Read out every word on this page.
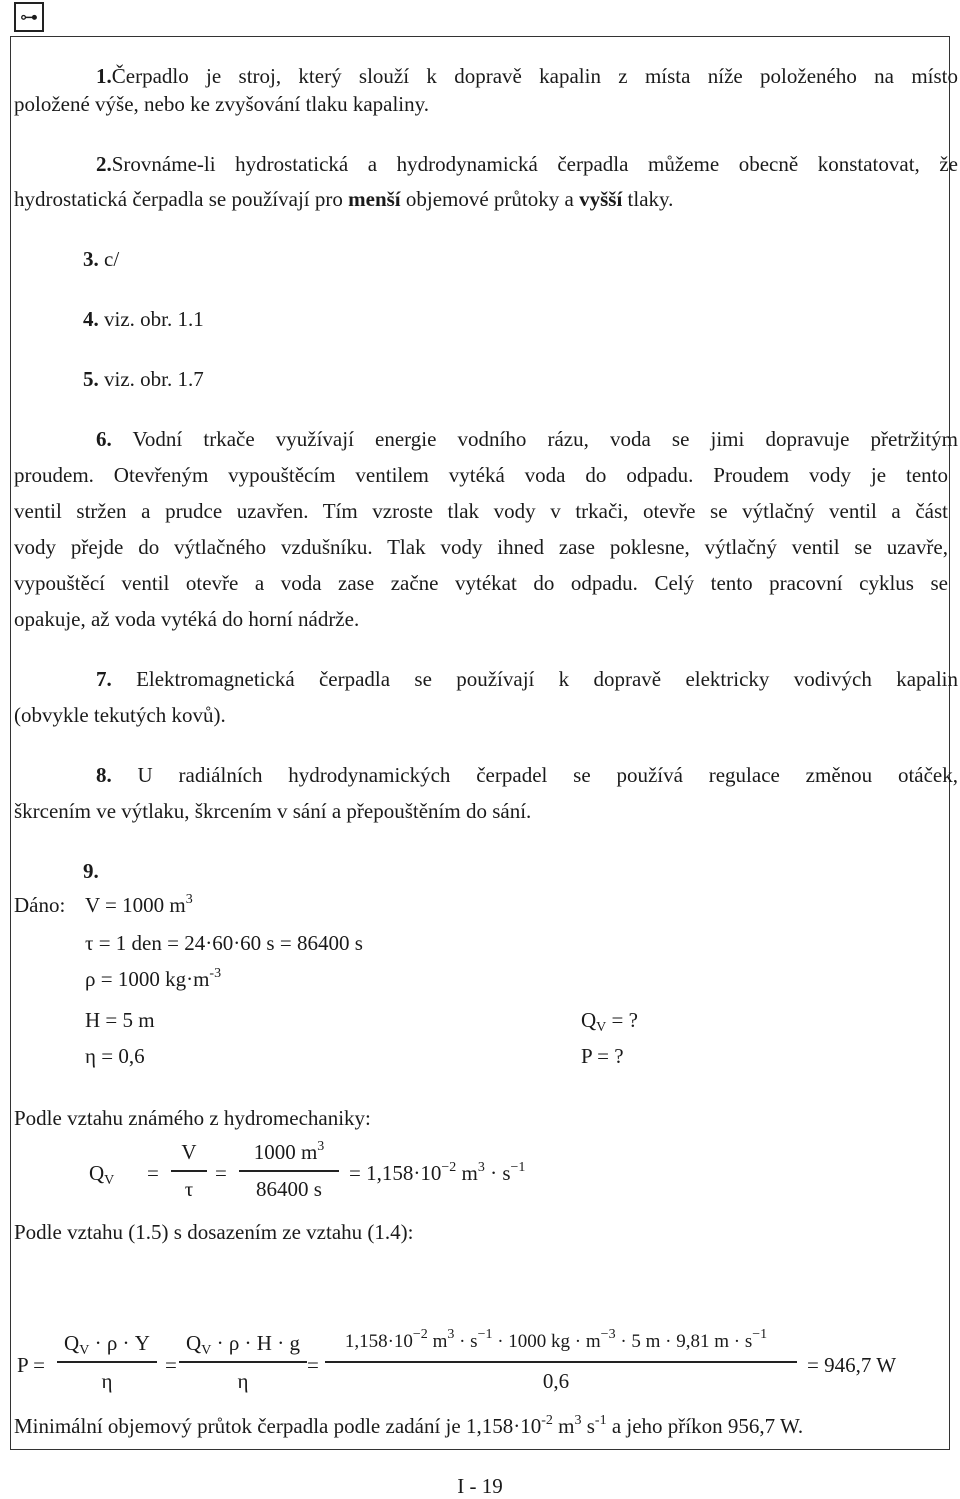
⊶
1.Čerpadlo je stroj, který slouží k dopravě kapalin z místa níže položeného na místo
položené výše, nebo ke zvyšování tlaku kapaliny.
2.Srovnáme-li hydrostatická a hydrodynamická čerpadla můžeme obecně konstatovat, že
hydrostatická čerpadla se používají pro menší objemové průtoky a vyšší tlaky.
3. c/
4. viz. obr. 1.1
5. viz. obr. 1.7
6. Vodní trkače využívají energie vodního rázu, voda se jimi dopravuje přetržitým
proudem. Otevřeným vypouštěcím ventilem vytéká voda do odpadu. Proudem vody je tento
ventil stržen a prudce uzavřen. Tím vzroste tlak vody v trkači, otevře se výtlačný ventil a část
vody přejde do výtlačného vzdušníku. Tlak vody ihned zase poklesne, výtlačný ventil se uzavře,
vypouštěcí ventil otevře a voda zase začne vytékat do odpadu. Celý tento pracovní cyklus se
opakuje, až voda vytéká do horní nádrže.
7. Elektromagnetická čerpadla se používají k dopravě elektricky vodivých kapalin
(obvykle tekutých kovů).
8. U radiálních hydrodynamických čerpadel se používá regulace změnou otáček,
škrcením ve výtlaku, škrcením v sání a přepouštěním do sání.
9.
Dáno: V = 1000 $m^3$
τ = 1 den = 24·60·60 s = 86400 s
ρ = 1000 $kg\cdot m^{-3}$
H = 5 m
η = 0,6
$Q_V$ = ?
P = ?
Podle vztahu známého z hydromechaniky:
$Q_V$ =
V
τ
=
1000 $m^3$
86400 s
= $1,158\cdot 10^{-2}$ $m^3 \cdot s^{-1}$
Podle vztahu (1.5) s dosazením ze vztahu (1.4):
P =
$Q_V \cdot \rho \cdot Y$
η
=
$Q_V \cdot \rho \cdot H \cdot g$
η
=
$1,158\cdot 10^{-2}$ $m^3 \cdot s^{-1} \cdot 1000$ kg · $m^{-3} \cdot 5$ m · 9,81 $m \cdot s^{-1}$
0,6
= 946,7 W
Minimální objemový průtok čerpadla podle zadání je $1,158\cdot 10^{-2}$ $m^3$ $s^{-1}$ a jeho příkon 956,7 W.
I - 19
